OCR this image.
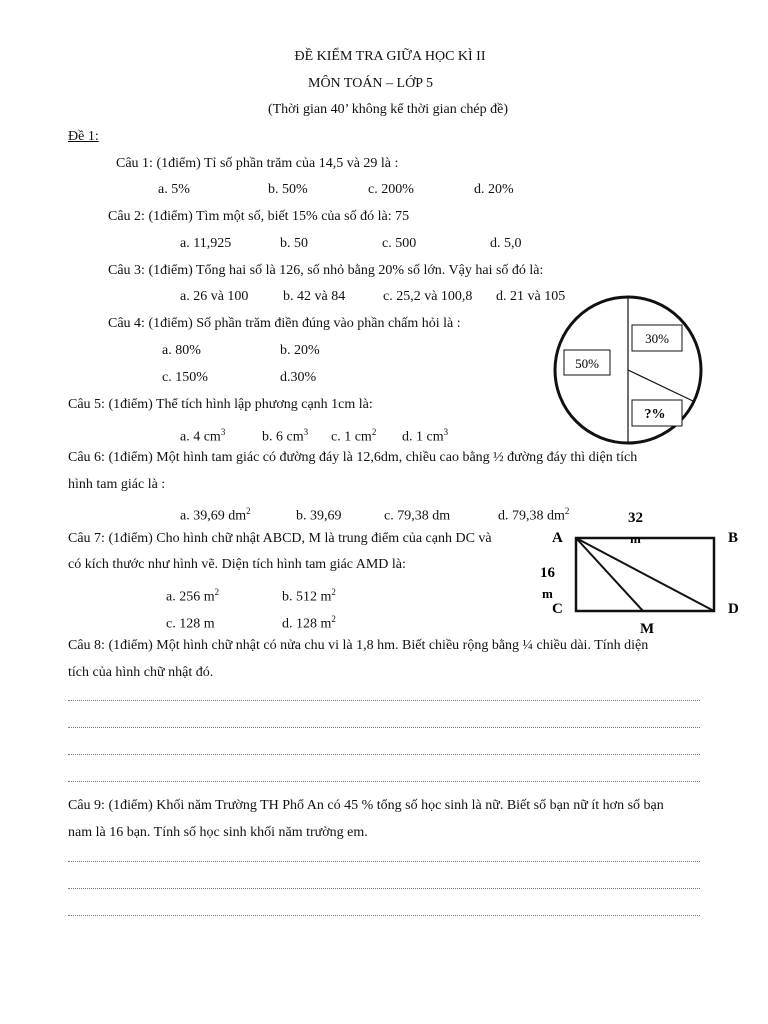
ĐỀ KIỂM TRA GIỮA HỌC KÌ II
MÔN TOÁN – LỚP 5
(Thời gian 40’ không kể thời gian chép đề)
Đề 1:
Câu 1: (1điểm) Tỉ số phần trăm của 14,5 và 29 là :
a. 5%	b. 50%	c. 200%	d. 20%
Câu 2: (1điểm) Tìm một số, biết 15% của số đó là: 75
a. 11,925	b. 50	c. 500	d. 5,0
Câu 3: (1điểm) Tổng hai số là 126, số nhỏ bằng 20% số lớn. Vậy hai số đó là:
a. 26 và 100 b. 42 và 84	c. 25,2 và 100,8 d. 21 và 105
Câu 4: (1điểm) Số phần trăm điền đúng vào phần chấm hỏi là :
a. 80%	b. 20%
c. 150%	d.30%
50%
30%
?%
Câu 5: (1điểm) Thể tích hình lập phương cạnh 1cm là:
a. 4 $cm^3$	b. 6 $cm^3$ c. 1 $cm^2$ d. 1 $cm^3$
Câu 6: (1điểm) Một hình tam giác có đường đáy là 12,6dm, chiều cao bằng ½ đường đáy thì diện tích
hình tam giác là :
a. 39,69 $dm^2$	b. 39,69	c. 79,38 dm	d. 79,38 $dm^2$
Câu 7: (1điểm) Cho hình chữ nhật ABCD, M là trung điểm của cạnh DC và
có kích thước như hình vẽ. Diện tích hình tam giác AMD là:
a. 256 $m^2$	b. 512 $m^2$
c. 128 m	d. 128 $m^2$
A	B
C	D
M
32
m
16
m
Câu 8: (1điểm) Một hình chữ nhật có nửa chu vi là 1,8 hm. Biết chiều rộng bằng ¼ chiều dài. Tính diện
tích của hình chữ nhật đó.
Câu 9: (1điểm) Khối năm Trường TH Phổ An có 45 % tổng số học sinh là nữ. Biết số bạn nữ ít hơn số bạn
nam là 16 bạn. Tính số học sinh khối năm trường em.
